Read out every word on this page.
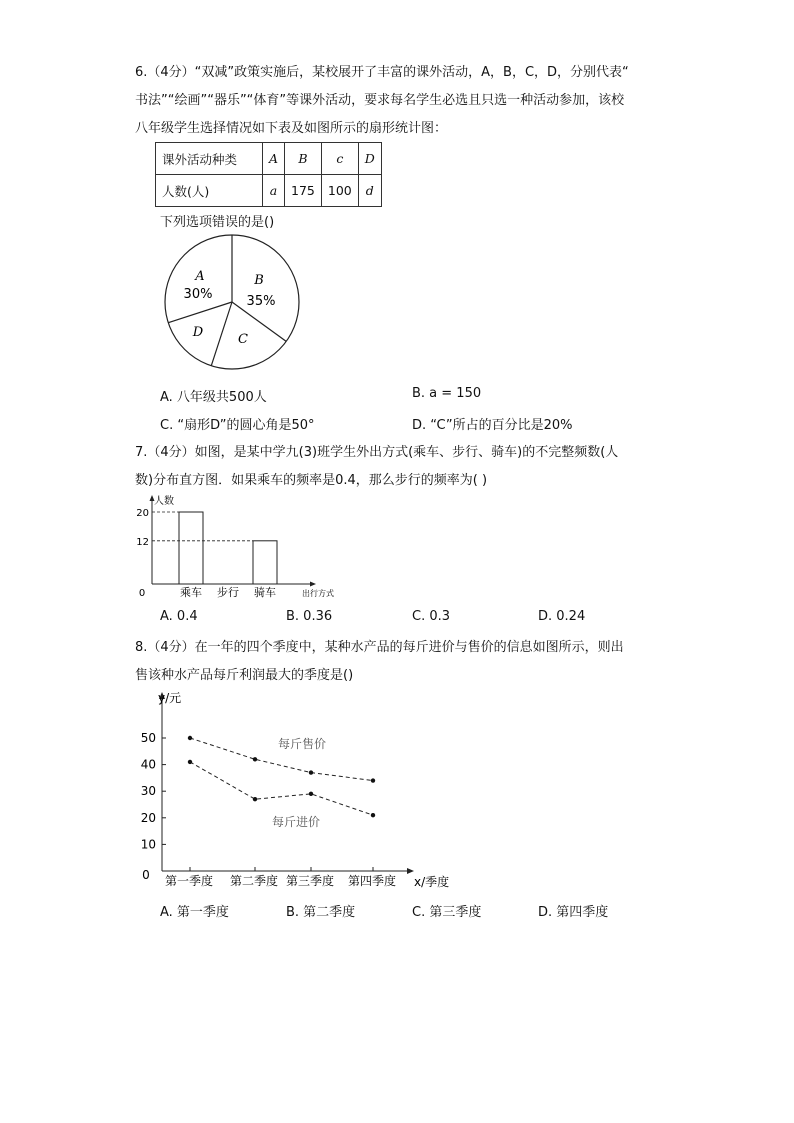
6.（4分）“双减”政策实施后，某校展开了丰富的课外活动，A，B，C，D，分别代表“
书法”“绘画”“器乐”“体育”等课外活动，要求每名学生必选且只选一种活动参加，该校
八年级学生选择情况如下表及如图所示的扇形统计图：
课外活动种类	A	B	c	D
人数(人)	a	175	100	d
下列选项错误的是()
A
30%
B
35%
C
D
A. 八年级共500人	B. a = 150
C. “扇形D”的圆心角是50°	D. “C”所占的百分比是20%
7.（4分）如图，是某中学九(3)班学生外出方式(乘车、步行、骑车)的不完整频数(人
数)分布直方图．如果乘车的频率是0.4，那么步行的频率为( )
人数
出行方式
0	乘车 步行 骑车
20
12
A. 0.4	B. 0.36	C. 0.3	D. 0.24
8.（4分）在一年的四个季度中，某种水产品的每斤进价与售价的信息如图所示，则出
售该种水产品每斤利润最大的季度是()
y/元
x/季度
0
每斤售价
每斤进价
10
20
30
40
50
第一季度 第二季度 第三季度 第四季度
A. 第一季度	B. 第二季度	C. 第三季度	D. 第四季度
